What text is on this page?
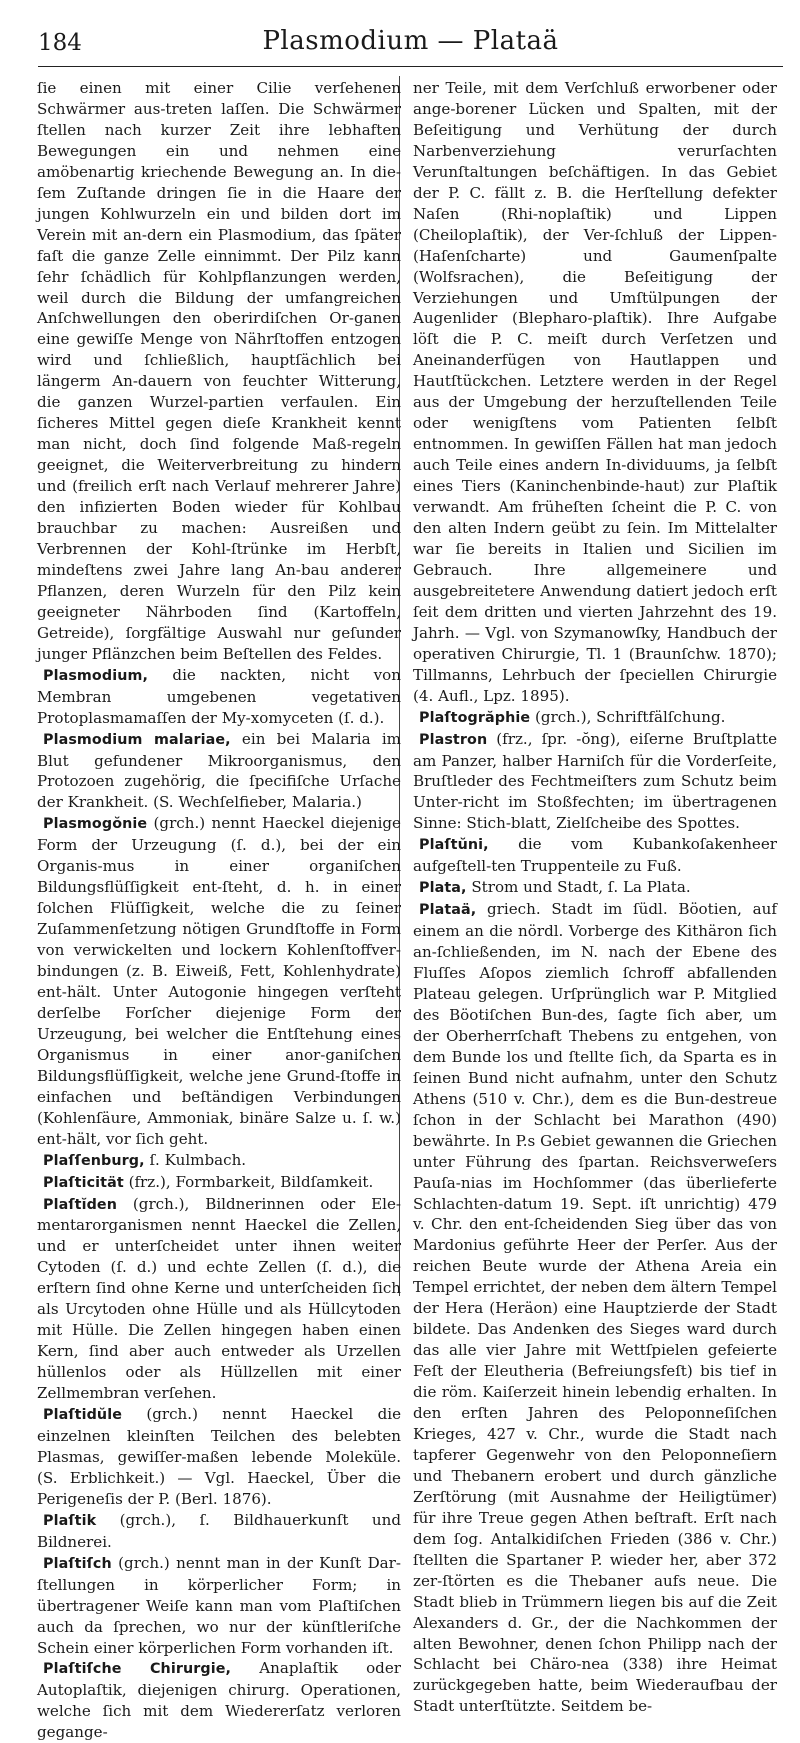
184	Plasmodium — Plataä

ſie einen mit einer Cilie verſehenen Schwärmer aus-treten laſſen. Die Schwärmer ſtellen nach kurzer Zeit ihre lebhaften Bewegungen ein und nehmen eine amöbenartig kriechende Bewegung an. In die-ſem Zuſtande dringen ſie in die Haare der jungen Kohlwurzeln ein und bilden dort im Verein mit an-dern ein Plasmodium, das ſpäter faſt die ganze Zelle einnimmt. Der Pilz kann ſehr ſchädlich für Kohlpflanzungen werden, weil durch die Bildung der umfangreichen Anſchwellungen den oberirdiſchen Or-ganen eine gewiſſe Menge von Nährſtoffen entzogen wird und ſchließlich, hauptſächlich bei längerm An-dauern von feuchter Witterung, die ganzen Wurzel-partien verfaulen. Ein ſicheres Mittel gegen dieſe Krankheit kennt man nicht, doch ſind folgende Maß-regeln geeignet, die Weiterverbreitung zu hindern und (freilich erſt nach Verlauf mehrerer Jahre) den infizierten Boden wieder für Kohlbau brauchbar zu machen: Ausreißen und Verbrennen der Kohl-ſtrünke im Herbſt, mindeſtens zwei Jahre lang An-bau anderer Pflanzen, deren Wurzeln für den Pilz kein geeigneter Nährboden ſind (Kartoffeln, Getreide), ſorgfältige Auswahl nur geſunder junger Pflänzchen beim Beſtellen des Feldes.

Plasmodium, die nackten, nicht von Membran umgebenen vegetativen Protoplasmamaſſen der My-xomyceten (ſ. d.).

Plasmodium malariae, ein bei Malaria im Blut gefundener Mikroorganismus, den Protozoen zugehörig, die ſpecifiſche Urſache der Krankheit. (S. Wechſelfieber, Malaria.)

Plasmogŏnie (grch.) nennt Haeckel diejenige Form der Urzeugung (ſ. d.), bei der ein Organis-mus in einer organiſchen Bildungsflüſſigkeit ent-ſteht, d. h. in einer ſolchen Flüſſigkeit, welche die zu ſeiner Zuſammenſetzung nötigen Grundſtoffe in Form von verwickelten und lockern Kohlenſtoffver-bindungen (z. B. Eiweiß, Fett, Kohlenhydrate) ent-hält. Unter Autogonie hingegen verſteht derſelbe Forſcher diejenige Form der Urzeugung, bei welcher die Entſtehung eines Organismus in einer anor-ganiſchen Bildungsflüſſigkeit, welche jene Grund-ſtoffe in einfachen und beſtändigen Verbindungen (Kohlenſäure, Ammoniak, binäre Salze u. ſ. w.) ent-hält, vor ſich geht.

Plaſſenburg, ſ. Kulmbach.

Plaſticität (frz.), Formbarkeit, Bildſamkeit.

Plaſtĭden (grch.), Bildnerinnen oder Ele-mentarorganismen nennt Haeckel die Zellen, und er unterſcheidet unter ihnen weiter Cytoden (ſ. d.) und echte Zellen (ſ. d.), die erſtern ſind ohne Kerne und unterſcheiden ſich als Urcytoden ohne Hülle und als Hüllcytoden mit Hülle. Die Zellen hingegen haben einen Kern, ſind aber auch entweder als Urzellen hüllenlos oder als Hüllzellen mit einer Zellmembran verſehen.

Plaſtidŭle (grch.) nennt Haeckel die einzelnen kleinſten Teilchen des belebten Plasmas, gewiſſer-maßen lebende Moleküle. (S. Erblichkeit.) — Vgl. Haeckel, Über die Perigeneſis der P. (Berl. 1876).

Plaſtik (grch.), ſ. Bildhauerkunſt und Bildnerei.

Plaſtiſch (grch.) nennt man in der Kunſt Dar-ſtellungen in körperlicher Form; in übertragener Weiſe kann man vom Plaſtiſchen auch da ſprechen, wo nur der künſtleriſche Schein einer körperlichen Form vorhanden iſt.

Plaſtiſche Chirurgie, Anaplaſtik oder Autoplaſtik, diejenigen chirurg. Operationen, welche ſich mit dem Wiedererſatz verloren gegange-

ner Teile, mit dem Verſchluß erworbener oder ange-borener Lücken und Spalten, mit der Beſeitigung und Verhütung der durch Narbenverziehung verurſachten Verunſtaltungen beſchäftigen. In das Gebiet der P. C. fällt z. B. die Herſtellung defekter Naſen (Rhi-noplaſtik) und Lippen (Cheiloplaſtik), der Ver-ſchluß der Lippen- (Haſenſcharte) und Gaumenſpalte (Wolfsrachen), die Beſeitigung der Verziehungen und Umſtülpungen der Augenlider (Blepharo-plaſtik). Ihre Aufgabe löſt die P. C. meiſt durch Verſetzen und Aneinanderfügen von Hautlappen und Hautſtückchen. Letztere werden in der Regel aus der Umgebung der herzuſtellenden Teile oder wenigſtens vom Patienten ſelbſt entnommen. In gewiſſen Fällen hat man jedoch auch Teile eines andern In-dividuums, ja ſelbſt eines Tiers (Kaninchenbinde-haut) zur Plaſtik verwandt. Am früheſten ſcheint die P. C. von den alten Indern geübt zu ſein. Im Mittelalter war ſie bereits in Italien und Sicilien im Gebrauch. Ihre allgemeinere und ausgebreitetere Anwendung datiert jedoch erſt ſeit dem dritten und vierten Jahrzehnt des 19. Jahrh. — Vgl. von Szymanowſky, Handbuch der operativen Chirurgie, Tl. 1 (Braunſchw. 1870); Tillmanns, Lehrbuch der ſpeciellen Chirurgie (4. Aufl., Lpz. 1895).

Plaſtogrăphie (grch.), Schriftfälſchung.

Plastron (frz., ſpr. -ŏng), eiſerne Bruſtplatte am Panzer, halber Harniſch für die Vorderſeite, Bruſtleder des Fechtmeiſters zum Schutz beim Unter-richt im Stoßfechten; im übertragenen Sinne: Stich-blatt, Zielſcheibe des Spottes.

Plaſtŭni, die vom Kubankoſakenheer aufgeſtell-ten Truppenteile zu Fuß.

Plata, Strom und Stadt, ſ. La Plata.

Plataä, griech. Stadt im ſüdl. Böotien, auf einem an die nördl. Vorberge des Kithäron ſich an-ſchließenden, im N. nach der Ebene des Fluſſes Aſopos ziemlich ſchroff abfallenden Plateau gelegen. Urſprünglich war P. Mitglied des Böotiſchen Bun-des, ſagte ſich aber, um der Oberherrſchaft Thebens zu entgehen, von dem Bunde los und ſtellte ſich, da Sparta es in ſeinen Bund nicht aufnahm, unter den Schutz Athens (510 v. Chr.), dem es die Bun-destreue ſchon in der Schlacht bei Marathon (490) bewährte. In P.s Gebiet gewannen die Griechen unter Führung des ſpartan. Reichsverweſers Pauſa-nias im Hochſommer (das überlieferte Schlachten-datum 19. Sept. iſt unrichtig) 479 v. Chr. den ent-ſcheidenden Sieg über das von Mardonius geführte Heer der Perſer. Aus der reichen Beute wurde der Athena Areia ein Tempel errichtet, der neben dem ältern Tempel der Hera (Heräon) eine Hauptzierde der Stadt bildete. Das Andenken des Sieges ward durch das alle vier Jahre mit Wettſpielen gefeierte Feſt der Eleutheria (Befreiungsfeſt) bis tief in die röm. Kaiſerzeit hinein lebendig erhalten. In den erſten Jahren des Peloponneſiſchen Krieges, 427 v. Chr., wurde die Stadt nach tapferer Gegenwehr von den Peloponneſiern und Thebanern erobert und durch gänzliche Zerſtörung (mit Ausnahme der Heiligtümer) für ihre Treue gegen Athen beſtraft. Erſt nach dem ſog. Antalkidiſchen Frieden (386 v. Chr.) ſtellten die Spartaner P. wieder her, aber 372 zer-ſtörten es die Thebaner aufs neue. Die Stadt blieb in Trümmern liegen bis auf die Zeit Alexanders d. Gr., der die Nachkommen der alten Bewohner, denen ſchon Philipp nach der Schlacht bei Chäro-nea (338) ihre Heimat zurückgegeben hatte, beim Wiederaufbau der Stadt unterſtützte. Seitdem be-
